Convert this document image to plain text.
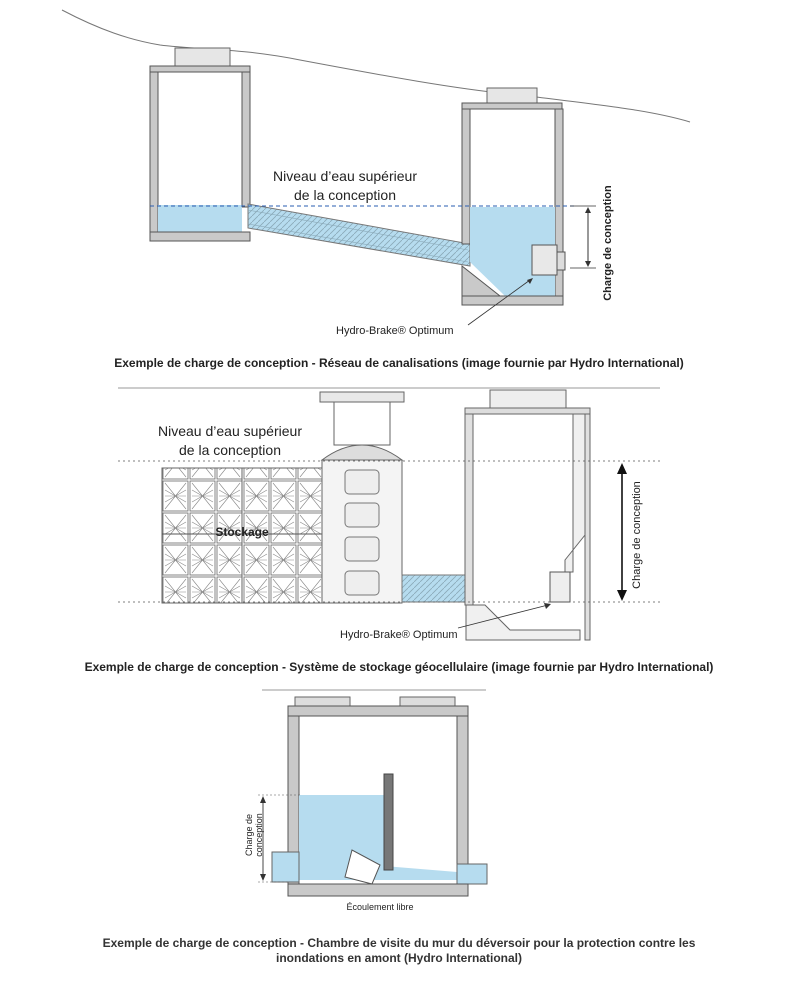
Niveau d’eau supérieur
de la conception	Charge de conception
Hydro-Brake® Optimum
Niveau d’eau supérieur
de la conception
Stockage	Charge de conception
Hydro-Brake® Optimum
Charge de conception
Écoulement libre
Exemple de charge de conception - Réseau de canalisations (image fournie par Hydro International)
Exemple de charge de conception - Système de stockage géocellulaire (image fournie par Hydro International)
Exemple de charge de conception - Chambre de visite du mur du déversoir pour la protection contre les
inondations en amont (Hydro International)
